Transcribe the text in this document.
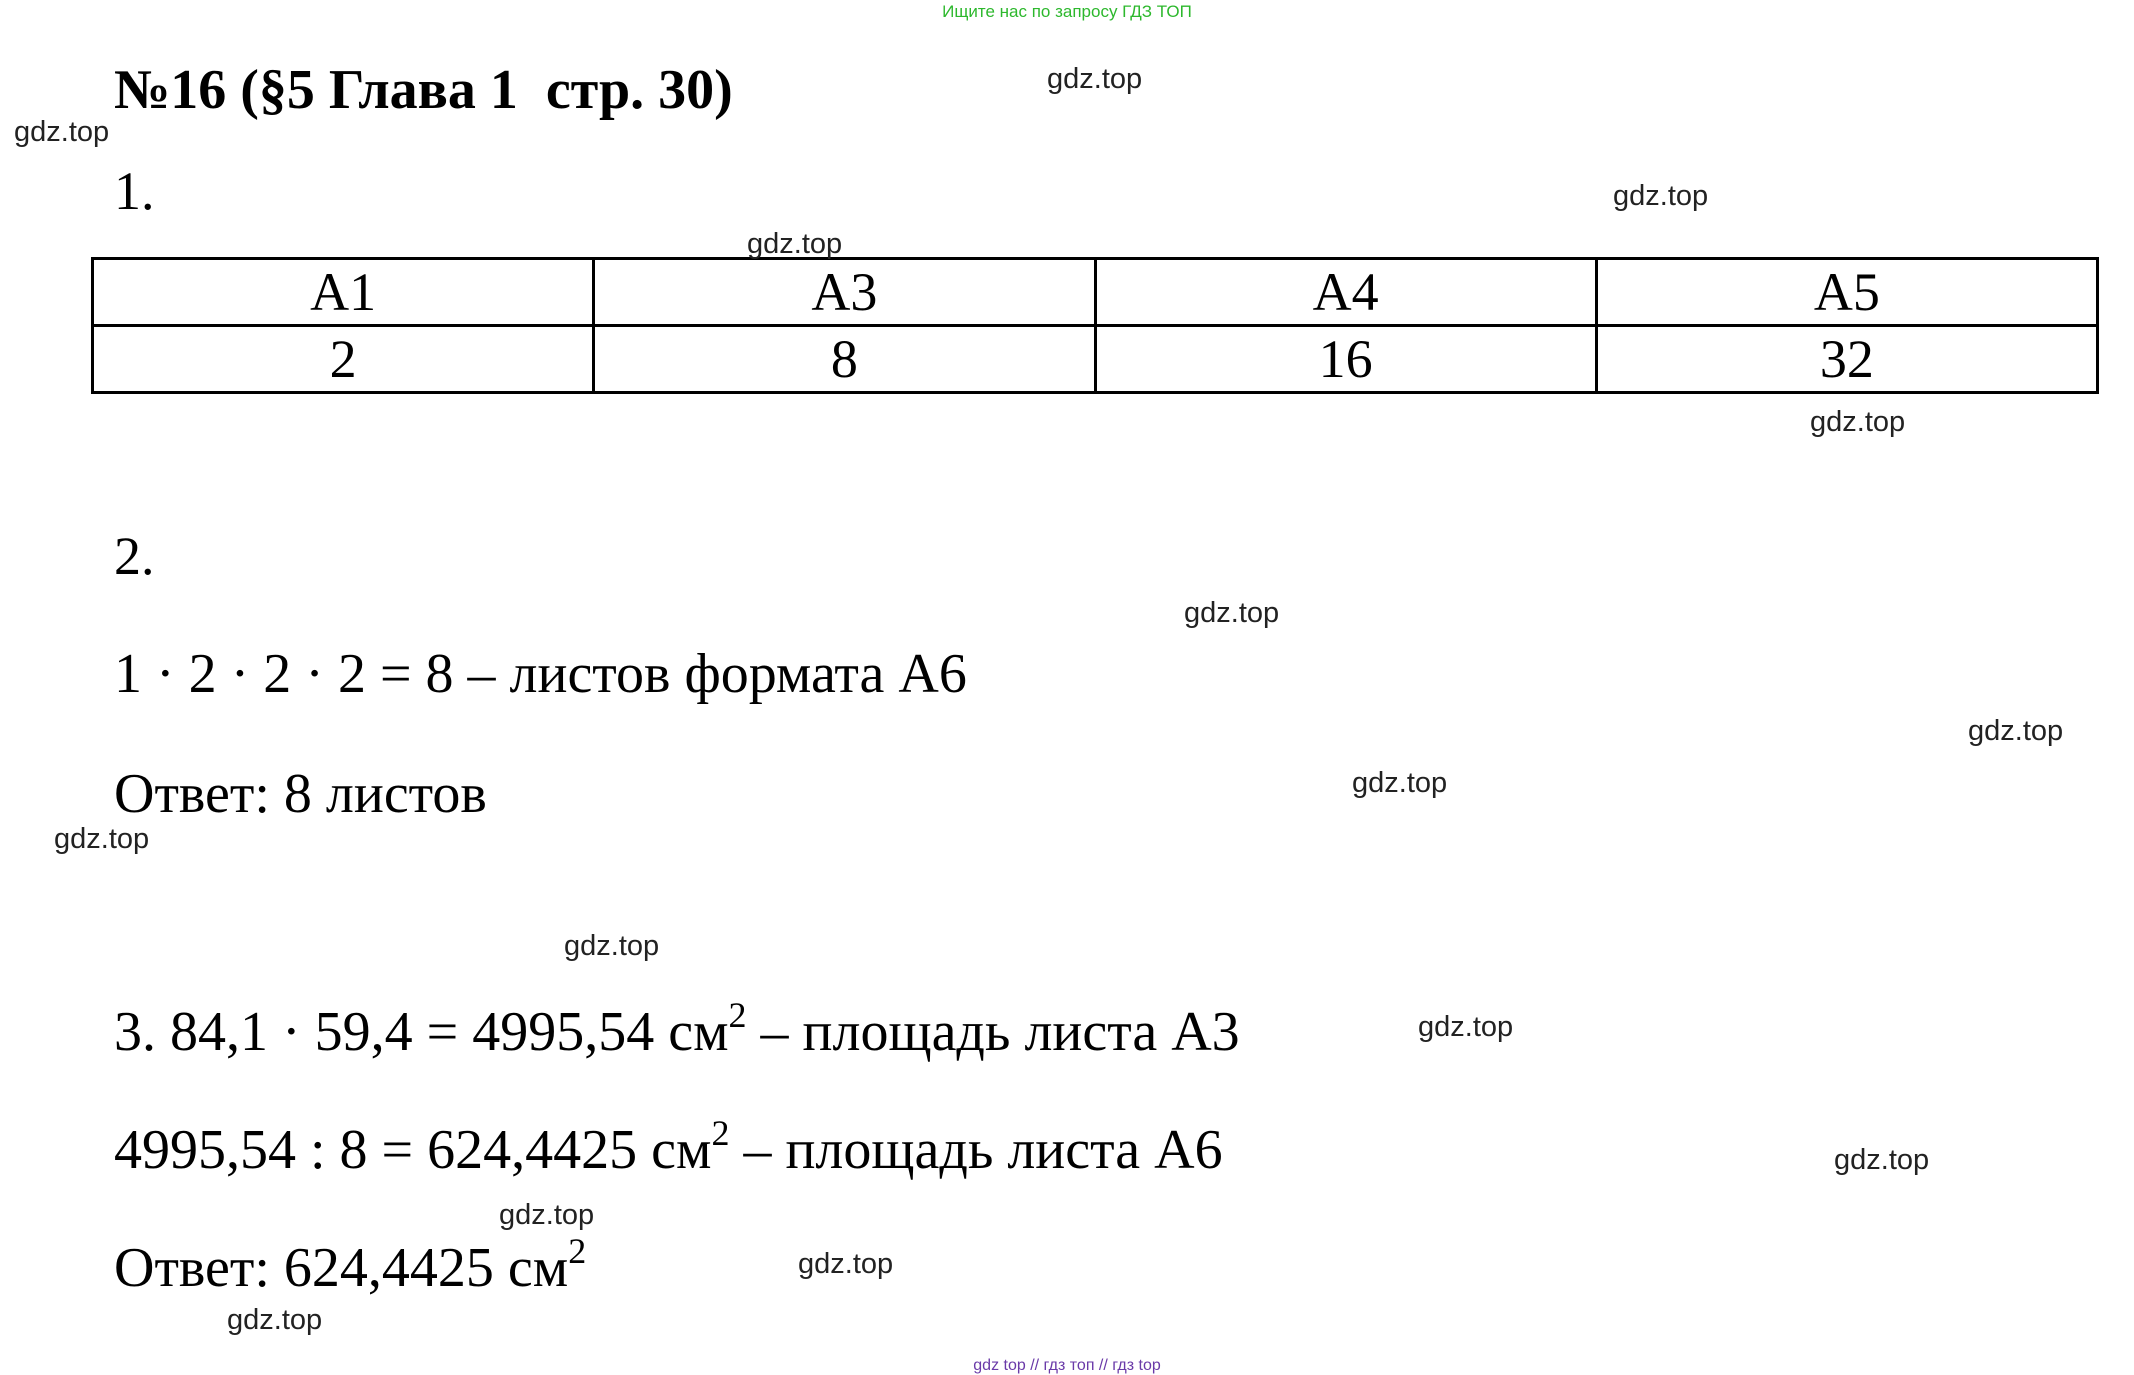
Ищите нас по запросу ГДЗ ТОП
№16 (§5 Глава 1  стр. 30)
1.
А1	А3	А4	А5
2	8	16	32
2.
1 · 2 · 2 · 2 = 8 – листов формата А6
Ответ: 8 листов
3. 84,1 · 59,4 = 4995,54 $см^2$ – площадь листа А3
4995,54 : 8 = 624,4425 $см^2$ – площадь листа А6
Ответ: 624,4425 $см^2$
gdz.top
gdz.top
gdz.top
gdz.top
gdz.top
gdz.top
gdz.top
gdz.top
gdz.top
gdz.top
gdz.top
gdz.top
gdz.top
gdz.top
gdz.top
gdz top // гдз топ // гдз top
